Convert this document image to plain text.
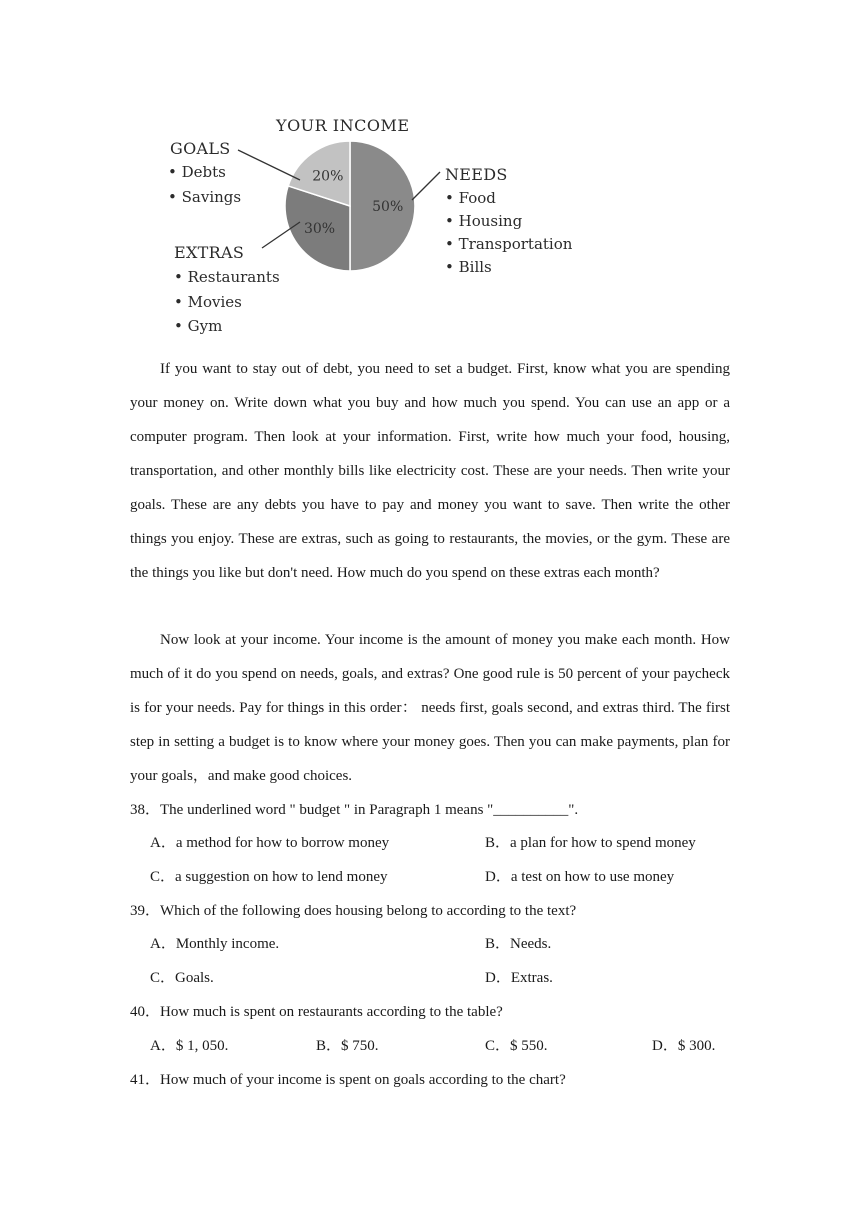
50%
30%
20%
YOUR INCOME
GOALS
• Debts
• Savings
NEEDS
• Food
• Housing
• Transportation
• Bills
EXTRAS
• Restaurants
• Movies
• Gym
If you want to stay out of debt, you need to set a budget. First, know what you are spending your money on. Write down what you buy and how much you spend. You can use an app or a computer program. Then look at your information. First, write how much your food, housing, transportation, and other monthly bills like electricity cost. These are your needs. Then write your goals. These are any debts you have to pay and money you want to save. Then write the other things you enjoy. These are extras, such as going to restaurants, the movies, or the gym. These are the things you like but don't need. How much do you spend on these extras each month?
Now look at your income. Your income is the amount of money you make each month. How much of it do you spend on needs, goals, and extras? One good rule is 50 percent of your paycheck is for your needs. Pay for things in this order： needs first, goals second, and extras third. The first step in setting a budget is to know where your money goes. Then you can make payments, plan for your goals，and make good choices.
38．The underlined word " budget " in Paragraph 1 means "__________".
A．a method for how to borrow money	B．a plan for how to spend money
C．a suggestion on how to lend money	D．a test on how to use money
39．Which of the following does housing belong to according to the text?
A．Monthly income.	B．Needs.
C．Goals.	D．Extras.
40．How much is spent on restaurants according to the table?
A．$ 1, 050.	B．$ 750.	C．$ 550.	D．$ 300.
41．How much of your income is spent on goals according to the chart?
